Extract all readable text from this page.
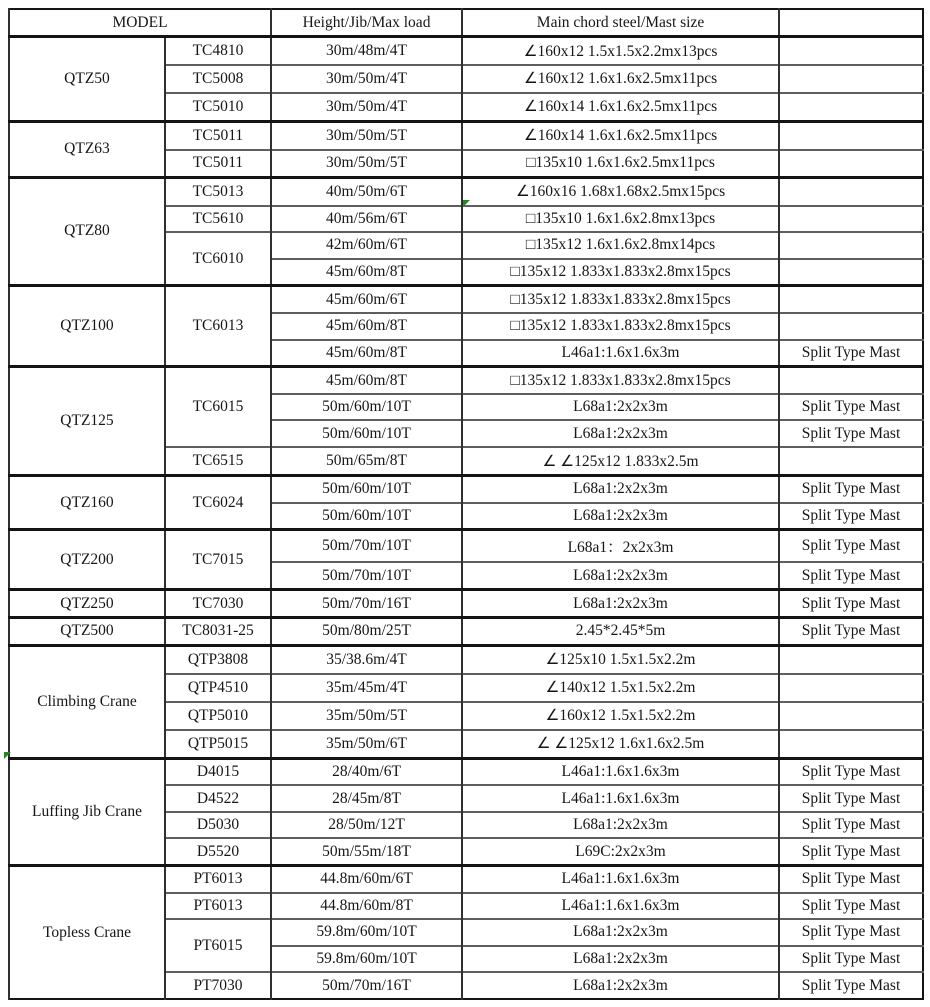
MODEL		Height/Jib/Max load	Main chord steel/Mast size	
QTZ50	TC4810	30m/48m/4T	∠160x12 1.5x1.5x2.2mx13pcs	
	TC5008	30m/50m/4T	∠160x12 1.6x1.6x2.5mx11pcs	
	TC5010	30m/50m/4T	∠160x14 1.6x1.6x2.5mx11pcs	
QTZ63	TC5011	30m/50m/5T	∠160x14 1.6x1.6x2.5mx11pcs	
	TC5011	30m/50m/5T	□135x10 1.6x1.6x2.5mx11pcs	
QTZ80	TC5013	40m/50m/6T	∠160x16 1.68x1.68x2.5mx15pcs	
	TC5610	40m/56m/6T	□135x10 1.6x1.6x2.8mx13pcs	
	TC6010	42m/60m/6T	□135x12 1.6x1.6x2.8mx14pcs	
		45m/60m/8T	□135x12 1.833x1.833x2.8mx15pcs	
QTZ100	TC6013	45m/60m/6T	□135x12 1.833x1.833x2.8mx15pcs	
		45m/60m/8T	□135x12 1.833x1.833x2.8mx15pcs	
		45m/60m/8T	L46a1:1.6x1.6x3m	Split Type Mast
QTZ125	TC6015	45m/60m/8T	□135x12 1.833x1.833x2.8mx15pcs	
		50m/60m/10T	L68a1:2x2x3m	Split Type Mast
		50m/60m/10T	L68a1:2x2x3m	Split Type Mast
	TC6515	50m/65m/8T	∠ ∠125x12 1.833x2.5m	
QTZ160	TC6024	50m/60m/10T	L68a1:2x2x3m	Split Type Mast
		50m/60m/10T	L68a1:2x2x3m	Split Type Mast
QTZ200	TC7015	50m/70m/10T	L68a1：2x2x3m	Split Type Mast
		50m/70m/10T	L68a1:2x2x3m	Split Type Mast
QTZ250	TC7030	50m/70m/16T	L68a1:2x2x3m	Split Type Mast
QTZ500	TC8031-25	50m/80m/25T	2.45*2.45*5m	Split Type Mast
Climbing Crane	QTP3808	35/38.6m/4T	∠125x10 1.5x1.5x2.2m	
	QTP4510	35m/45m/4T	∠140x12 1.5x1.5x2.2m	
	QTP5010	35m/50m/5T	∠160x12 1.5x1.5x2.2m	
	QTP5015	35m/50m/6T	∠ ∠125x12 1.6x1.6x2.5m	
Luffing Jib Crane	D4015	28/40m/6T	L46a1:1.6x1.6x3m	Split Type Mast
	D4522	28/45m/8T	L46a1:1.6x1.6x3m	Split Type Mast
	D5030	28/50m/12T	L68a1:2x2x3m	Split Type Mast
	D5520	50m/55m/18T	L69C:2x2x3m	Split Type Mast
Topless Crane	PT6013	44.8m/60m/6T	L46a1:1.6x1.6x3m	Split Type Mast
	PT6013	44.8m/60m/8T	L46a1:1.6x1.6x3m	Split Type Mast
	PT6015	59.8m/60m/10T	L68a1:2x2x3m	Split Type Mast
		59.8m/60m/10T	L68a1:2x2x3m	Split Type Mast
	PT7030	50m/70m/16T	L68a1:2x2x3m	Split Type Mast
